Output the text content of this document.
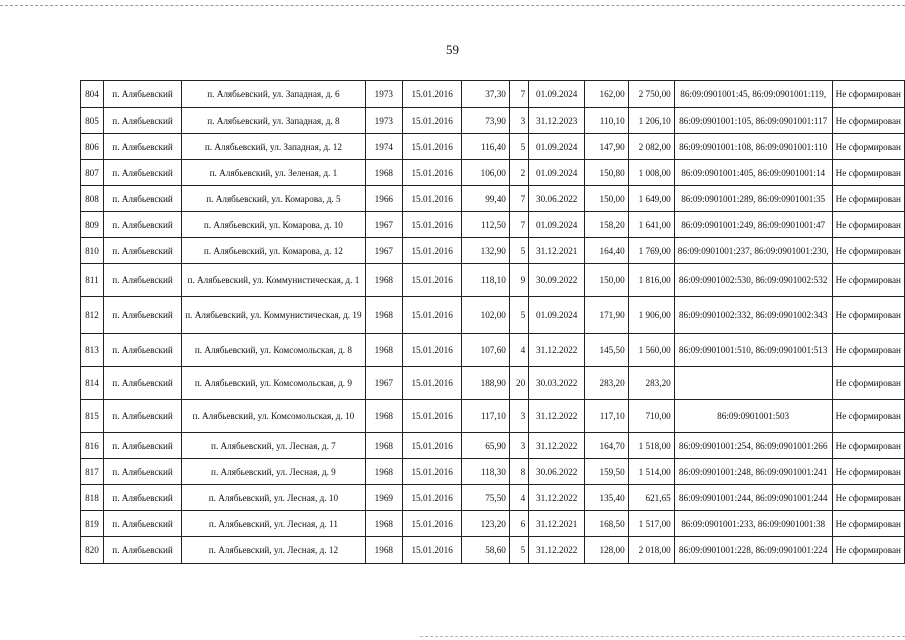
59
804	п. Алябьевский	п. Алябьевский, ул. Западная, д. 6	1973	15.01.2016	37,30	7	01.09.2024	162,00	2 750,00	86:09:0901001:45, 86:09:0901001:119,	Не сформирован
805	п. Алябьевский	п. Алябьевский, ул. Западная, д. 8	1973	15.01.2016	73,90	3	31.12.2023	110,10	1 206,10	86:09:0901001:105, 86:09:0901001:117	Не сформирован
806	п. Алябьевский	п. Алябьевский, ул. Западная, д. 12	1974	15.01.2016	116,40	5	01.09.2024	147,90	2 082,00	86:09:0901001:108, 86:09:0901001:110	Не сформирован
807	п. Алябьевский	п. Алябьевский, ул. Зеленая, д. 1	1968	15.01.2016	106,00	2	01.09.2024	150,80	1 008,00	86:09:0901001:405, 86:09:0901001:14	Не сформирован
808	п. Алябьевский	п. Алябьевский, ул. Комарова, д. 5	1966	15.01.2016	99,40	7	30.06.2022	150,00	1 649,00	86:09:0901001:289, 86:09:0901001:35	Не сформирован
809	п. Алябьевский	п. Алябьевский, ул. Комарова, д. 10	1967	15.01.2016	112,50	7	01.09.2024	158,20	1 641,00	86:09:0901001:249, 86:09:0901001:47	Не сформирован
810	п. Алябьевский	п. Алябьевский, ул. Комарова, д. 12	1967	15.01.2016	132,90	5	31.12.2021	164,40	1 769,00	86:09:0901001:237, 86:09:0901001:230,	Не сформирован
811	п. Алябьевский	п. Алябьевский, ул. Коммунистическая, д. 1	1968	15.01.2016	118,10	9	30.09.2022	150,00	1 816,00	86:09:0901002:530, 86:09:0901002:532	Не сформирован
812	п. Алябьевский	п. Алябьевский, ул. Коммунистическая, д. 19	1968	15.01.2016	102,00	5	01.09.2024	171,90	1 906,00	86:09:0901002:332, 86:09:0901002:343	Не сформирован
813	п. Алябьевский	п. Алябьевский, ул. Комсомольская, д. 8	1968	15.01.2016	107,60	4	31.12.2022	145,50	1 560,00	86:09:0901001:510, 86:09:0901001:513	Не сформирован
814	п. Алябьевский	п. Алябьевский, ул. Комсомольская, д. 9	1967	15.01.2016	188,90	20	30.03.2022	283,20	283,20		Не сформирован
815	п. Алябьевский	п. Алябьевский, ул. Комсомольская, д. 10	1968	15.01.2016	117,10	3	31.12.2022	117,10	710,00	86:09:0901001:503	Не сформирован
816	п. Алябьевский	п. Алябьевский, ул. Лесная, д. 7	1968	15.01.2016	65,90	3	31.12.2022	164,70	1 518,00	86:09:0901001:254, 86:09:0901001:266	Не сформирован
817	п. Алябьевский	п. Алябьевский, ул. Лесная, д. 9	1968	15.01.2016	118,30	8	30.06.2022	159,50	1 514,00	86:09:0901001:248, 86:09:0901001:241	Не сформирован
818	п. Алябьевский	п. Алябьевский, ул. Лесная, д. 10	1969	15.01.2016	75,50	4	31.12.2022	135,40	621,65	86:09:0901001:244, 86:09:0901001:244	Не сформирован
819	п. Алябьевский	п. Алябьевский, ул. Лесная, д. 11	1968	15.01.2016	123,20	6	31.12.2021	168,50	1 517,00	86:09:0901001:233, 86:09:0901001:38	Не сформирован
820	п. Алябьевский	п. Алябьевский, ул. Лесная, д. 12	1968	15.01.2016	58,60	5	31.12.2022	128,00	2 018,00	86:09:0901001:228, 86:09:0901001:224	Не сформирован
